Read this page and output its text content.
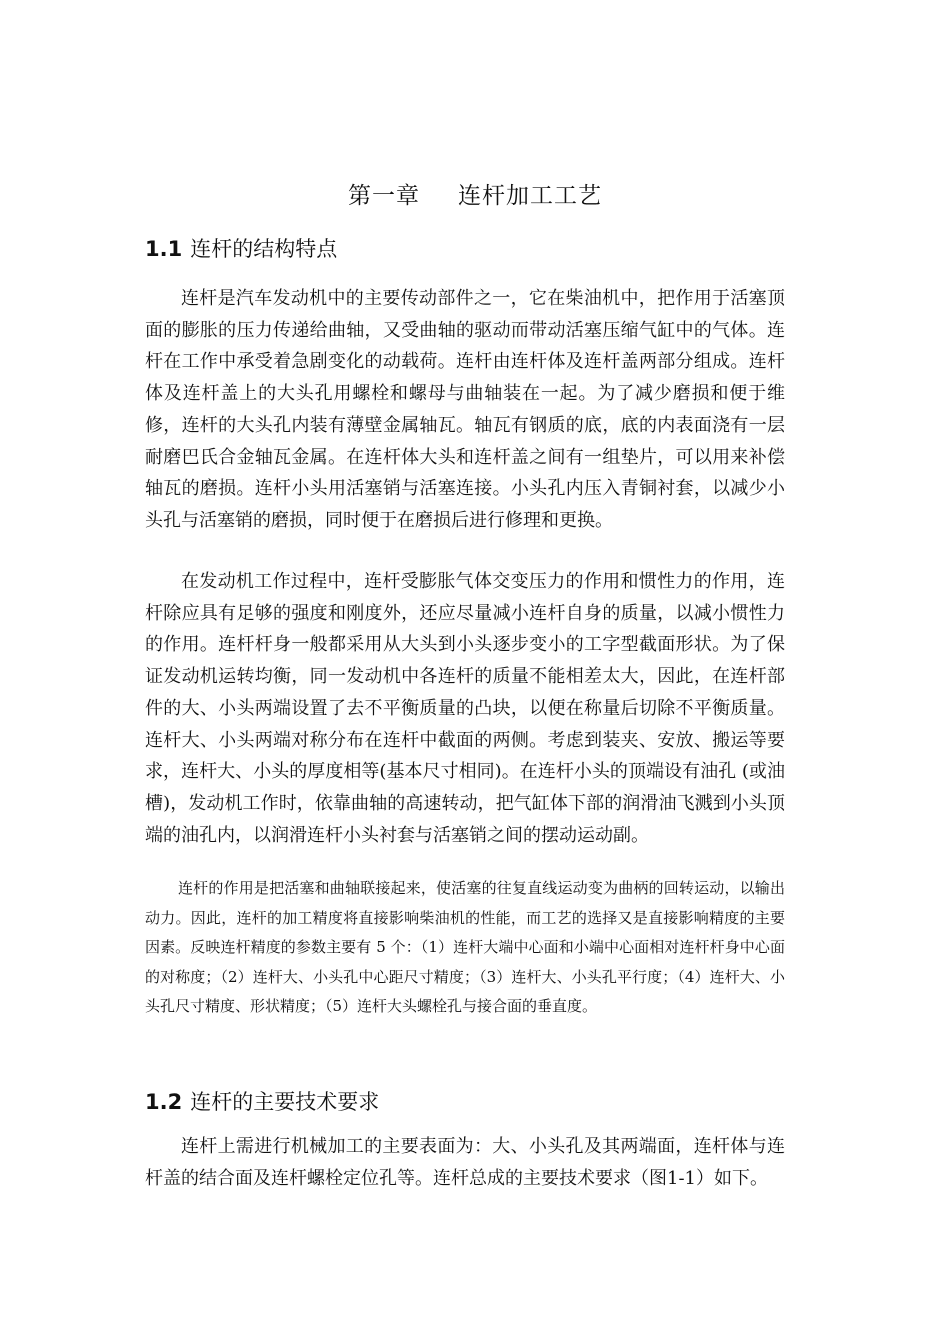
第一章 连杆加工工艺
1.1 连杆的结构特点

连杆是汽车发动机中的主要传动部件之一，它在柴油机中，把作用于活塞顶面的膨胀的压力传递给曲轴，又受曲轴的驱动而带动活塞压缩气缸中的气体。连杆在工作中承受着急剧变化的动载荷。连杆由连杆体及连杆盖两部分组成。连杆体及连杆盖上的大头孔用螺栓和螺母与曲轴装在一起。为了减少磨损和便于维修，连杆的大头孔内装有薄壁金属轴瓦。轴瓦有钢质的底，底的内表面浇有一层耐磨巴氏合金轴瓦金属。在连杆体大头和连杆盖之间有一组垫片，可以用来补偿轴瓦的磨损。连杆小头用活塞销与活塞连接。小头孔内压入青铜衬套，以减少小头孔与活塞销的磨损，同时便于在磨损后进行修理和更换。

在发动机工作过程中，连杆受膨胀气体交变压力的作用和惯性力的作用，连杆除应具有足够的强度和刚度外，还应尽量减小连杆自身的质量，以减小惯性力的作用。连杆杆身一般都采用从大头到小头逐步变小的工字型截面形状。为了保证发动机运转均衡，同一发动机中各连杆的质量不能相差太大，因此，在连杆部件的大、小头两端设置了去不平衡质量的凸块，以便在称量后切除不平衡质量。连杆大、小头两端对称分布在连杆中截面的两侧。考虑到装夹、安放、搬运等要求，连杆大、小头的厚度相等(基本尺寸相同)。在连杆小头的顶端设有油孔 (或油槽)，发动机工作时，依靠曲轴的高速转动，把气缸体下部的润滑油飞溅到小头顶端的油孔内，以润滑连杆小头衬套与活塞销之间的摆动运动副。

连杆的作用是把活塞和曲轴联接起来，使活塞的往复直线运动变为曲柄的回转运动，以输出动力。因此，连杆的加工精度将直接影响柴油机的性能，而工艺的选择又是直接影响精度的主要因素。反映连杆精度的参数主要有 5 个：（1）连杆大端中心面和小端中心面相对连杆杆身中心面的对称度；（2）连杆大、小头孔中心距尺寸精度；（3）连杆大、小头孔平行度；（4）连杆大、小头孔尺寸精度、形状精度；（5）连杆大头螺栓孔与接合面的垂直度。

1.2 连杆的主要技术要求

连杆上需进行机械加工的主要表面为：大、小头孔及其两端面，连杆体与连杆盖的结合面及连杆螺栓定位孔等。连杆总成的主要技术要求（图1-1）如下。
